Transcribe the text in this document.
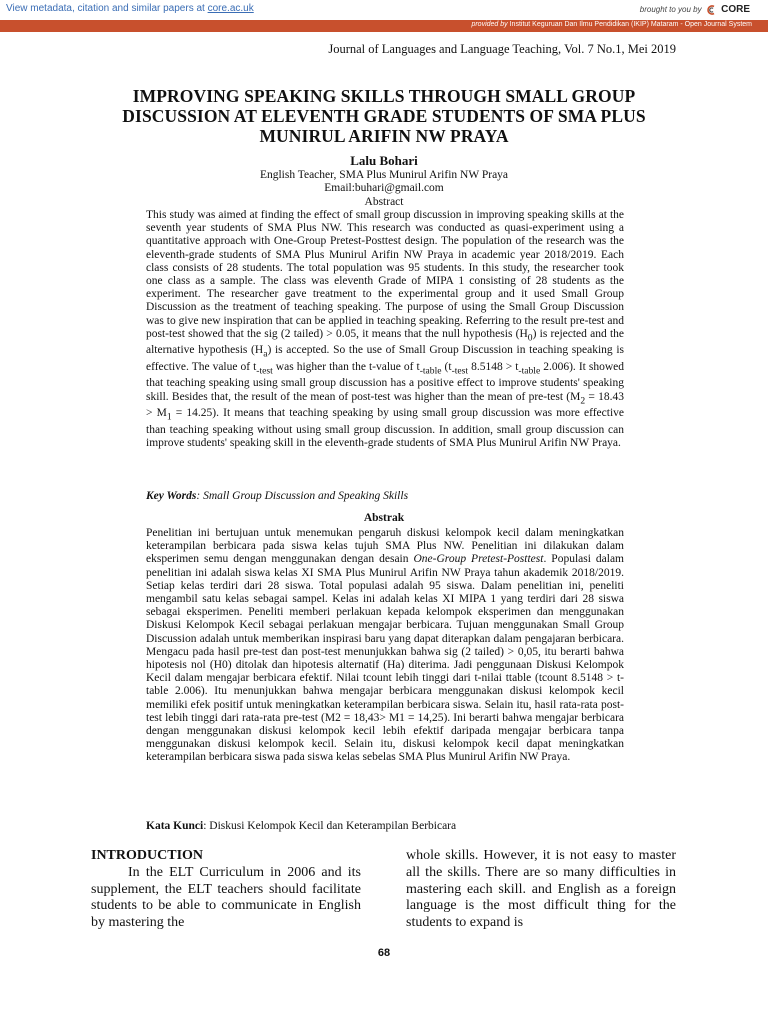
View metadata, citation and similar papers at core.ac.uk	brought to you by CORE
provided by Institut Keguruan Dan Ilmu Pendidikan (IKIP) Mataram - Open Journal System
Journal of Languages and Language Teaching, Vol. 7 No.1, Mei 2019
IMPROVING SPEAKING SKILLS THROUGH SMALL GROUP DISCUSSION AT ELEVENTH GRADE STUDENTS OF SMA PLUS MUNIRUL ARIFIN NW PRAYA
Lalu Bohari
English Teacher, SMA Plus Munirul Arifin NW Praya
Email:buhari@gmail.com
Abstract
This study was aimed at finding the effect of small group discussion in improving speaking skills at the seventh year students of SMA Plus NW. This research was conducted as quasi-experiment using a quantitative approach with One-Group Pretest-Posttest design. The population of the research was the eleventh-grade students of SMA Plus Munirul Arifin NW Praya in academic year 2018/2019. Each class consists of 28 students. The total population was 95 students. In this study, the researcher took one class as a sample. The class was eleventh Grade of MIPA 1 consisting of 28 students as the experiment. The researcher gave treatment to the experimental group and it used Small Group Discussion as the treatment of teaching speaking. The purpose of using the Small Group Discussion was to give new inspiration that can be applied in teaching speaking. Referring to the result pre-test and post-test showed that the sig (2 tailed) > 0.05, it means that the null hypothesis $(H_0)$ is rejected and the alternative hypothesis $(H_a)$ is accepted. So the use of Small Group Discussion in teaching speaking is effective. The value of $t_{-test}$ was higher than the t-value of $t_{-table}$ ($t_{-test}$ $8.5148 > t_{-table}$ 2.006). It showed that teaching speaking using small group discussion has a positive effect to improve students' speaking skill. Besides that, the result of the mean of post-test was higher than the mean of pre-test $(M_2 = 18.43 > M_1 = 14.25)$. It means that teaching speaking by using small group discussion was more effective than teaching speaking without using small group discussion. In addition, small group discussion can improve students' speaking skill in the eleventh-grade students of SMA Plus Munirul Arifin NW Praya.
Key Words: Small Group Discussion and Speaking Skills
Abstrak
Penelitian ini bertujuan untuk menemukan pengaruh diskusi kelompok kecil dalam meningkatkan keterampilan berbicara pada siswa kelas tujuh SMA Plus NW. Penelitian ini dilakukan dalam eksperimen semu dengan menggunakan dengan desain One-Group Pretest-Posttest. Populasi dalam penelitian ini adalah siswa kelas XI SMA Plus Munirul Arifin NW Praya tahun akademik 2018/2019. Setiap kelas terdiri dari 28 siswa. Total populasi adalah 95 siswa. Dalam penelitian ini, peneliti mengambil satu kelas sebagai sampel. Kelas ini adalah kelas XI MIPA 1 yang terdiri dari 28 siswa sebagai eksperimen. Peneliti memberi perlakuan kepada kelompok eksperimen dan menggunakan Diskusi Kelompok Kecil sebagai perlakuan mengajar berbicara. Tujuan menggunakan Small Group Discussion adalah untuk memberikan inspirasi baru yang dapat diterapkan dalam pengajaran berbicara. Mengacu pada hasil pre-test dan post-test menunjukkan bahwa sig (2 tailed) > 0,05, itu berarti bahwa hipotesis nol (H0) ditolak dan hipotesis alternatif (Ha) diterima. Jadi penggunaan Diskusi Kelompok Kecil dalam mengajar berbicara efektif. Nilai tcount lebih tinggi dari t-nilai ttable (tcount 8.5148 > t-table 2.006). Itu menunjukkan bahwa mengajar berbicara menggunakan diskusi kelompok kecil memiliki efek positif untuk meningkatkan keterampilan berbicara siswa. Selain itu, hasil rata-rata post-test lebih tinggi dari rata-rata pre-test (M2 = 18,43> M1 = 14,25). Ini berarti bahwa mengajar berbicara dengan menggunakan diskusi kelompok kecil lebih efektif daripada mengajar berbicara tanpa menggunakan diskusi kelompok kecil. Selain itu, diskusi kelompok kecil dapat meningkatkan keterampilan berbicara siswa pada siswa kelas sebelas SMA Plus Munirul Arifin NW Praya.
Kata Kunci: Diskusi Kelompok Kecil dan Keterampilan Berbicara
INTRODUCTION
In the ELT Curriculum in 2006 and its supplement, the ELT teachers should facilitate students to be able to communicate in English by mastering the
whole skills. However, it is not easy to master all the skills. There are so many difficulties in mastering each skill. and English as a foreign language is the most difficult thing for the students to expand is
68
